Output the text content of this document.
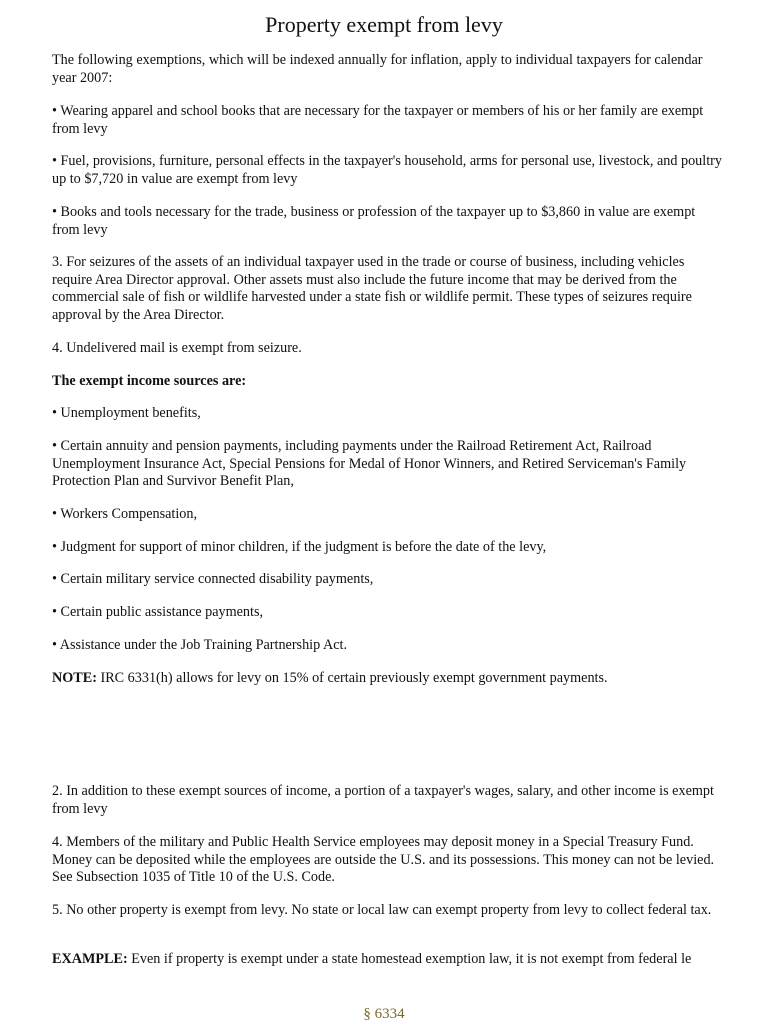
Property exempt from levy

The following exemptions, which will be indexed annually for inflation, apply to individual taxpayers for calendar year 2007:

• Wearing apparel and school books that are necessary for the taxpayer or members of his or her family are exempt from levy

• Fuel, provisions, furniture, personal effects in the taxpayer's household, arms for personal use, livestock, and poultry up to $7,720 in value are exempt from levy

• Books and tools necessary for the trade, business or profession of the taxpayer up to $3,860 in value are exempt from levy

3. For seizures of the assets of an individual taxpayer used in the trade or course of business, including vehicles require Area Director approval. Other assets must also include the future income that may be derived from the commercial sale of fish or wildlife harvested under a state fish or wildlife permit. These types of seizures require approval by the Area Director.

4. Undelivered mail is exempt from seizure.

The exempt income sources are:

• Unemployment benefits,

• Certain annuity and pension payments, including payments under the Railroad Retirement Act, Railroad Unemployment Insurance Act, Special Pensions for Medal of Honor Winners, and Retired Serviceman's Family Protection Plan and Survivor Benefit Plan,

• Workers Compensation,

• Judgment for support of minor children, if the judgment is before the date of the levy,

• Certain military service connected disability payments,

• Certain public assistance payments,

• Assistance under the Job Training Partnership Act.

NOTE: IRC 6331(h) allows for levy on 15% of certain previously exempt government payments.

2. In addition to these exempt sources of income, a portion of a taxpayer's wages, salary, and other income is exempt from levy

4. Members of the military and Public Health Service employees may deposit money in a Special Treasury Fund. Money can be deposited while the employees are outside the U.S. and its possessions. This money can not be levied. See Subsection 1035 of Title 10 of the U.S. Code.

5. No other property is exempt from levy. No state or local law can exempt property from levy to collect federal tax.

EXAMPLE: Even if property is exempt under a state homestead exemption law, it is not exempt from federal le

§ 6334
